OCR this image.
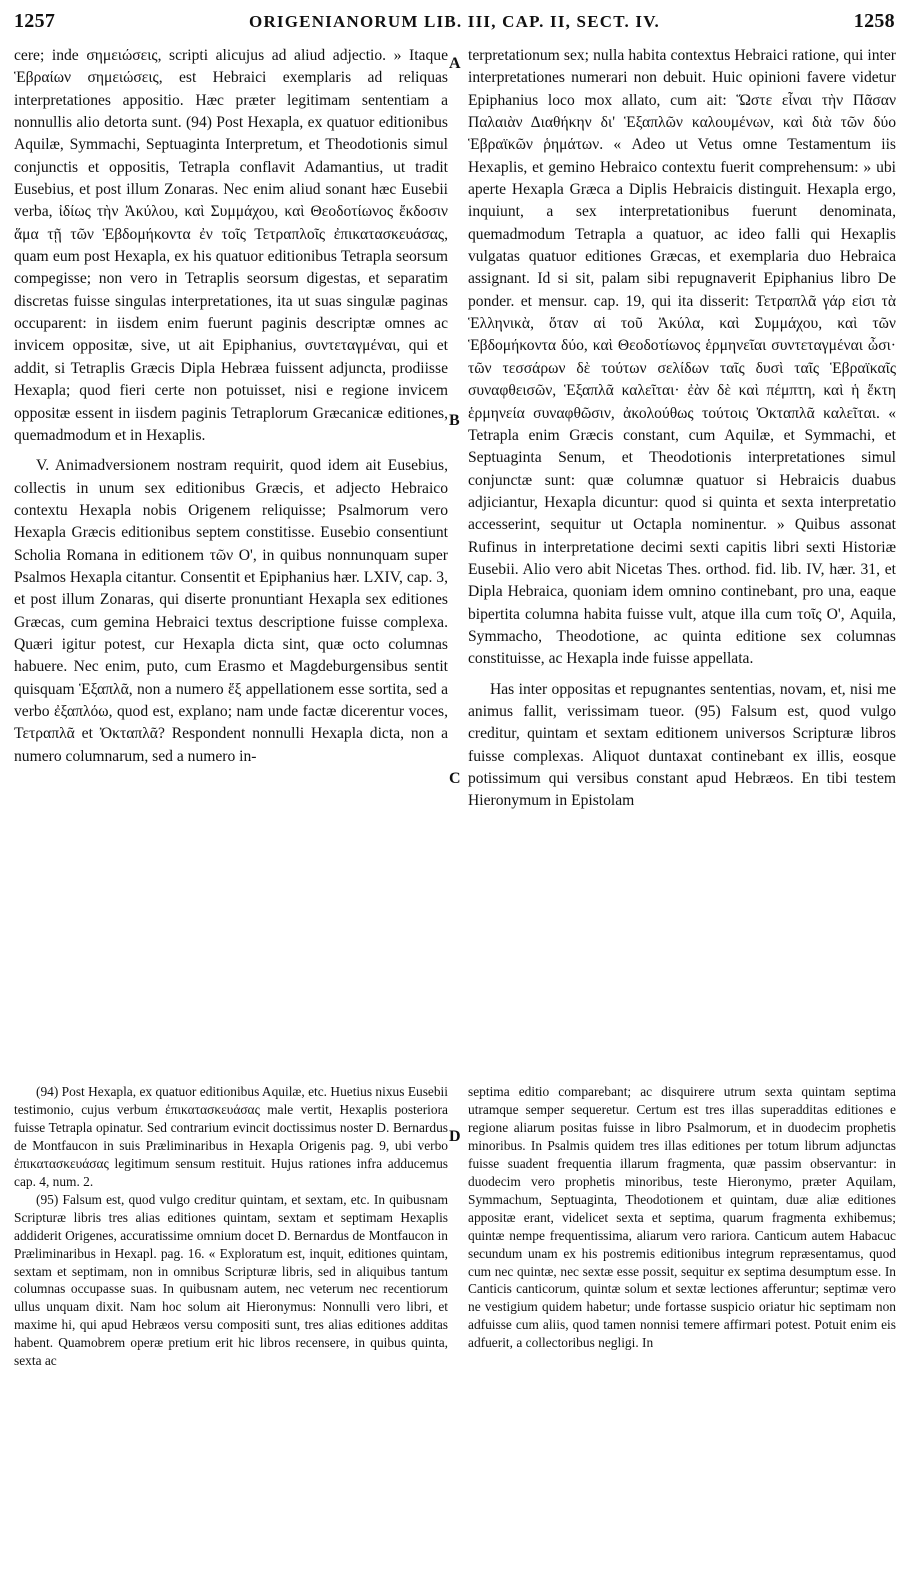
1257	ORIGENIANORUM LIB. III, CAP. II, SECT. IV.	1258
A
B
C
D

cere; inde σημειώσεις, scripti alicujus ad aliud adjectio. » Itaque Ἑβραίων σημειώσεις, est Hebraici exemplaris ad reliquas interpretationes appositio. Hæc præter legitimam sententiam a nonnullis alio detorta sunt. (94) Post Hexapla, ex quatuor editionibus Aquilæ, Symmachi, Septuaginta Interpretum, et Theodotionis simul conjunctis et oppositis, Tetrapla conflavit Adamantius, ut tradit Eusebius, et post illum Zonaras. Nec enim aliud sonant hæc Eusebii verba, ἰδίως τὴν Ἀκύλου, καὶ Συμμάχου, καὶ Θεοδοτίωνος ἔκδοσιν ἅμα τῇ τῶν Ἑβδομήκοντα ἐν τοῖς Τετραπλοῖς ἐπικατασκευάσας, quam eum post Hexapla, ex his quatuor editionibus Tetrapla seorsum compegisse; non vero in Tetraplis seorsum digestas, et separatim discretas fuisse singulas interpretationes, ita ut suas singulæ paginas occuparent: in iisdem enim fuerunt paginis descriptæ omnes ac invicem oppositæ, sive, ut ait Epiphanius, συντεταγμέναι, qui et addit, si Tetraplis Græcis Dipla Hebræa fuissent adjuncta, prodiisse Hexapla; quod fieri certe non potuisset, nisi e regione invicem oppositæ essent in iisdem paginis Tetraplorum Græcanicæ editiones, quemadmodum et in Hexaplis.

V. Animadversionem nostram requirit, quod idem ait Eusebius, collectis in unum sex editionibus Græcis, et adjecto Hebraico contextu Hexapla nobis Origenem reliquisse; Psalmorum vero Hexapla Græcis editionibus septem constitisse. Eusebio consentiunt Scholia Romana in editionem τῶν Ο', in quibus nonnunquam super Psalmos Hexapla citantur. Consentit et Epiphanius hær. LXIV, cap. 3, et post illum Zonaras, qui diserte pronuntiant Hexapla sex editiones Græcas, cum gemina Hebraici textus descriptione fuisse complexa. Quæri igitur potest, cur Hexapla dicta sint, quæ octo columnas habuere. Nec enim, puto, cum Erasmo et Magdeburgensibus sentit quisquam Ἑξαπλᾶ, non a numero ἕξ appellationem esse sortita, sed a verbo ἐξαπλόω, quod est, explano; nam unde factæ dicerentur voces, Τετραπλᾶ et Ὀκταπλᾶ? Respondent nonnulli Hexapla dicta, non a numero columnarum, sed a numero in-

terpretationum sex; nulla habita contextus Hebraici ratione, qui inter interpretationes numerari non debuit. Huic opinioni favere videtur Epiphanius loco mox allato, cum ait: Ὥστε εἶναι τὴν Πᾶσαν Παλαιὰν Διαθήκην δι' Ἑξαπλῶν καλουμένων, καὶ διὰ τῶν δύο Ἑβραϊκῶν ῥημάτων. « Adeo ut Vetus omne Testamentum iis Hexaplis, et gemino Hebraico contextu fuerit comprehensum: » ubi aperte Hexapla Græca a Diplis Hebraicis distinguit. Hexapla ergo, inquiunt, a sex interpretationibus fuerunt denominata, quemadmodum Tetrapla a quatuor, ac ideo falli qui Hexaplis vulgatas quatuor editiones Græcas, et exemplaria duo Hebraica assignant. Id si sit, palam sibi repugnaverit Epiphanius libro De ponder. et mensur. cap. 19, qui ita disserit: Τετραπλᾶ γάρ εἰσι τὰ Ἑλληνικὰ, ὅταν αἱ τοῦ Ἀκύλα, καὶ Συμμάχου, καὶ τῶν Ἑβδομήκοντα δύο, καὶ Θεοδοτίωνος ἑρμηνεῖαι συντεταγμέναι ὦσι· τῶν τεσσάρων δὲ τούτων σελίδων ταῖς δυσὶ ταῖς Ἑβραϊκαῖς συναφθεισῶν, Ἑξαπλᾶ καλεῖται· ἐὰν δὲ καὶ πέμπτη, καὶ ἡ ἕκτη ἑρμηνεία συναφθῶσιν, ἀκολούθως τούτοις Ὀκταπλᾶ καλεῖται. « Tetrapla enim Græcis constant, cum Aquilæ, et Symmachi, et Septuaginta Senum, et Theodotionis interpretationes simul conjunctæ sunt: quæ columnæ quatuor si Hebraicis duabus adjiciantur, Hexapla dicuntur: quod si quinta et sexta interpretatio accesserint, sequitur ut Octapla nominentur. » Quibus assonat Rufinus in interpretatione decimi sexti capitis libri sexti Historiæ Eusebii. Alio vero abit Nicetas Thes. orthod. fid. lib. IV, hær. 31, et Dipla Hebraica, quoniam idem omnino continebant, pro una, eaque bipertita columna habita fuisse vult, atque illa cum τοῖς Ο', Aquila, Symmacho, Theodotione, ac quinta editione sex columnas constituisse, ac Hexapla inde fuisse appellata.

Has inter oppositas et repugnantes sententias, novam, et, nisi me animus fallit, verissimam tueor. (95) Falsum est, quod vulgo creditur, quintam et sextam editionem universos Scripturæ libros fuisse complexas. Aliquot duntaxat continebant ex illis, eosque potissimum qui versibus constant apud Hebræos. En tibi testem Hieronymum in Epistolam

(94) Post Hexapla, ex quatuor editionibus Aquilæ, etc. Huetius nixus Eusebii testimonio, cujus verbum ἐπικατασκευάσας male vertit, Hexaplis posteriora fuisse Tetrapla opinatur. Sed contrarium evincit doctissimus noster D. Bernardus de Montfaucon in suis Præliminaribus in Hexapla Origenis pag. 9, ubi verbo ἐπικατασκευάσας legitimum sensum restituit. Hujus rationes infra adducemus cap. 4, num. 2.

(95) Falsum est, quod vulgo creditur quintam, et sextam, etc. In quibusnam Scripturæ libris tres alias editiones quintam, sextam et septimam Hexaplis addiderit Origenes, accuratissime omnium docet D. Bernardus de Montfaucon in Præliminaribus in Hexapl. pag. 16. « Exploratum est, inquit, editiones quintam, sextam et septimam, non in omnibus Scripturæ libris, sed in aliquibus tantum columnas occupasse suas. In quibusnam autem, nec veterum nec recentiorum ullus unquam dixit. Nam hoc solum ait Hieronymus: Nonnulli vero libri, et maxime hi, qui apud Hebræos versu compositi sunt, tres alias editiones additas habent. Quamobrem operæ pretium erit hic libros recensere, in quibus quinta, sexta ac

septima editio comparebant; ac disquirere utrum sexta quintam septima utramque semper sequeretur. Certum est tres illas superadditas editiones e regione aliarum positas fuisse in libro Psalmorum, et in duodecim prophetis minoribus. In Psalmis quidem tres illas editiones per totum librum adjunctas fuisse suadent frequentia illarum fragmenta, quæ passim observantur: in duodecim vero prophetis minoribus, teste Hieronymo, præter Aquilam, Symmachum, Septuaginta, Theodotionem et quintam, duæ aliæ editiones appositæ erant, videlicet sexta et septima, quarum fragmenta exhibemus; quintæ nempe frequentissima, aliarum vero rariora. Canticum autem Habacuc secundum unam ex his postremis editionibus integrum repræsentamus, quod cum nec quintæ, nec sextæ esse possit, sequitur ex septima desumptum esse. In Canticis canticorum, quintæ solum et sextæ lectiones afferuntur; septimæ vero ne vestigium quidem habetur; unde fortasse suspicio oriatur hic septimam non adfuisse cum aliis, quod tamen nonnisi temere affirmari potest. Potuit enim eis adfuerit, a collectoribus negligi. In
